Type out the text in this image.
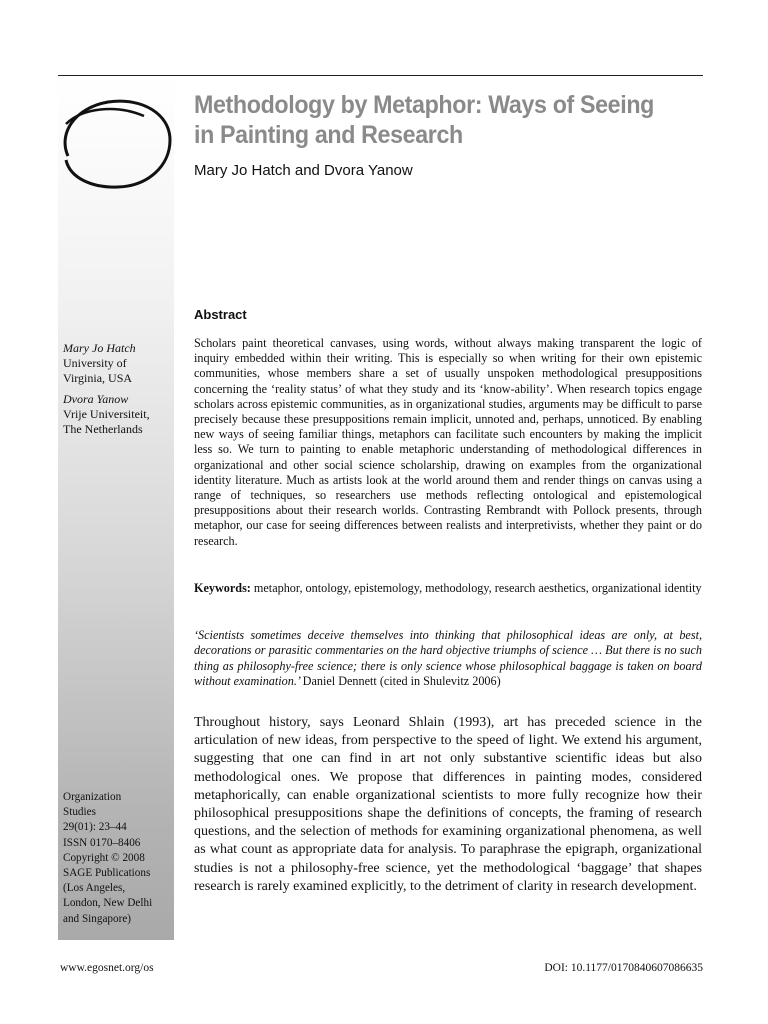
Methodology by Metaphor: Ways of Seeing in Painting and Research
Mary Jo Hatch and Dvora Yanow
Abstract
Mary Jo Hatch
University of
Virginia, USA
Dvora Yanow
Vrije Universiteit,
The Netherlands
Organization
Studies
29(01): 23–44
ISSN 0170–8406
Copyright © 2008
SAGE Publications
(Los Angeles,
London, New Delhi
and Singapore)
Scholars paint theoretical canvases, using words, without always making transparent the logic of inquiry embedded within their writing. This is especially so when writing for their own epistemic communities, whose members share a set of usually unspoken methodological presuppositions concerning the ‘reality status’ of what they study and its ‘know-ability’. When research topics engage scholars across epistemic communities, as in organizational studies, arguments may be difficult to parse precisely because these presuppositions remain implicit, unnoted and, perhaps, unnoticed. By enabling new ways of seeing familiar things, metaphors can facilitate such encounters by making the implicit less so. We turn to painting to enable metaphoric understanding of methodological differences in organizational and other social science scholarship, drawing on examples from the organizational identity literature. Much as artists look at the world around them and render things on canvas using a range of techniques, so researchers use methods reflecting ontological and epistemological presuppositions about their research worlds. Contrasting Rembrandt with Pollock presents, through metaphor, our case for seeing differences between realists and interpretivists, whether they paint or do research.
Keywords: metaphor, ontology, epistemology, methodology, research aesthetics, organizational identity
‘Scientists sometimes deceive themselves into thinking that philosophical ideas are only, at best, decorations or parasitic commentaries on the hard objective triumphs of science … But there is no such thing as philosophy-free science; there is only science whose philosophical baggage is taken on board without examination.’ Daniel Dennett (cited in Shulevitz 2006)
Throughout history, says Leonard Shlain (1993), art has preceded science in the articulation of new ideas, from perspective to the speed of light. We extend his argument, suggesting that one can find in art not only substantive scientific ideas but also methodological ones. We propose that differences in painting modes, considered metaphorically, can enable organizational scientists to more fully recognize how their philosophical presuppositions shape the definitions of concepts, the framing of research questions, and the selection of methods for examining organizational phenomena, as well as what count as appropriate data for analysis. To paraphrase the epigraph, organizational studies is not a philosophy-free science, yet the methodological ‘baggage’ that shapes research is rarely examined explicitly, to the detriment of clarity in research development.
www.egosnet.org/os	DOI: 10.1177/0170840607086635
